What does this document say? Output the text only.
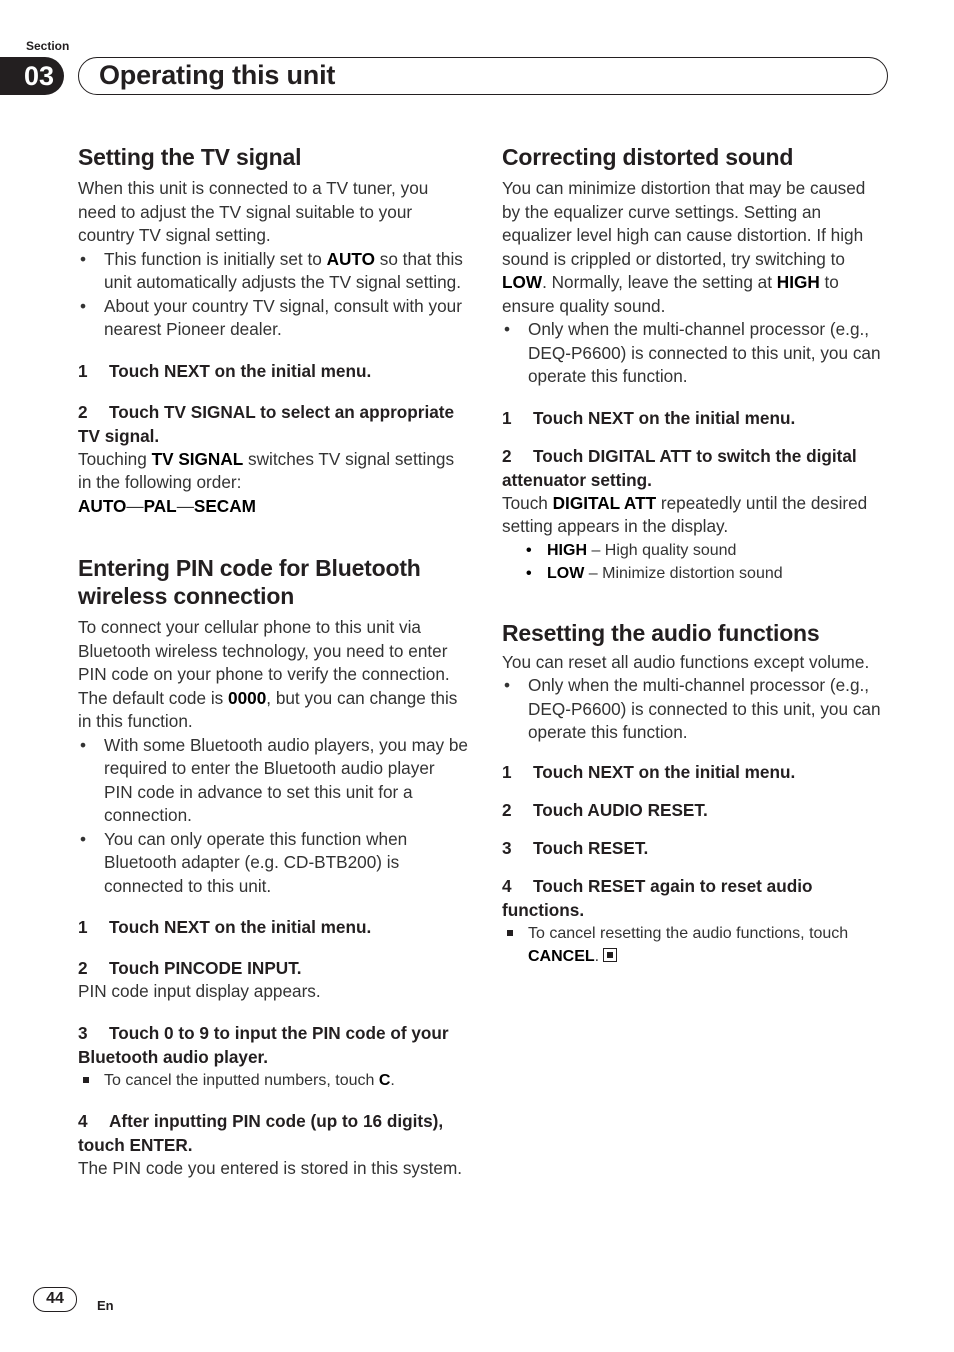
Section
03	Operating this unit
Setting the TV signal

When this unit is connected to a TV tuner, you need to adjust the TV signal suitable to your country TV signal setting.

• This function is initially set to AUTO so that this unit automatically adjusts the TV signal setting.
• About your country TV signal, consult with your nearest Pioneer dealer.
1 Touch NEXT on the initial menu.
2 Touch TV SIGNAL to select an appropriate TV signal.

Touching TV SIGNAL switches TV signal settings in the following order:

AUTO—PAL—SECAM

Entering PIN code for Bluetooth wireless connection

To connect your cellular phone to this unit via Bluetooth wireless technology, you need to enter PIN code on your phone to verify the connection. The default code is 0000, but you can change this in this function.

• With some Bluetooth audio players, you may be required to enter the Bluetooth audio player PIN code in advance to set this unit for a connection.
• You can only operate this function when Bluetooth adapter (e.g. CD-BTB200) is connected to this unit.
1 Touch NEXT on the initial menu.
2 Touch PINCODE INPUT.

PIN code input display appears.

3 Touch 0 to 9 to input the PIN code of your Bluetooth audio player.
To cancel the inputted numbers, touch C.
4 After inputting PIN code (up to 16 digits), touch ENTER.

The PIN code you entered is stored in this system.

Correcting distorted sound

You can minimize distortion that may be caused by the equalizer curve settings. Setting an equalizer level high can cause distortion. If high sound is crippled or distorted, try switching to LOW. Normally, leave the setting at HIGH to ensure quality sound.

• Only when the multi-channel processor (e.g., DEQ-P6600) is connected to this unit, you can operate this function.
1 Touch NEXT on the initial menu.
2 Touch DIGITAL ATT to switch the digital attenuator setting.

Touch DIGITAL ATT repeatedly until the desired setting appears in the display.

• HIGH – High quality sound
• LOW – Minimize distortion sound
Resetting the audio functions

You can reset all audio functions except volume.

• Only when the multi-channel processor (e.g., DEQ-P6600) is connected to this unit, you can operate this function.
1 Touch NEXT on the initial menu.
2 Touch AUDIO RESET.
3 Touch RESET.
4 Touch RESET again to reset audio functions.
To cancel resetting the audio functions, touch CANCEL.
44	En
